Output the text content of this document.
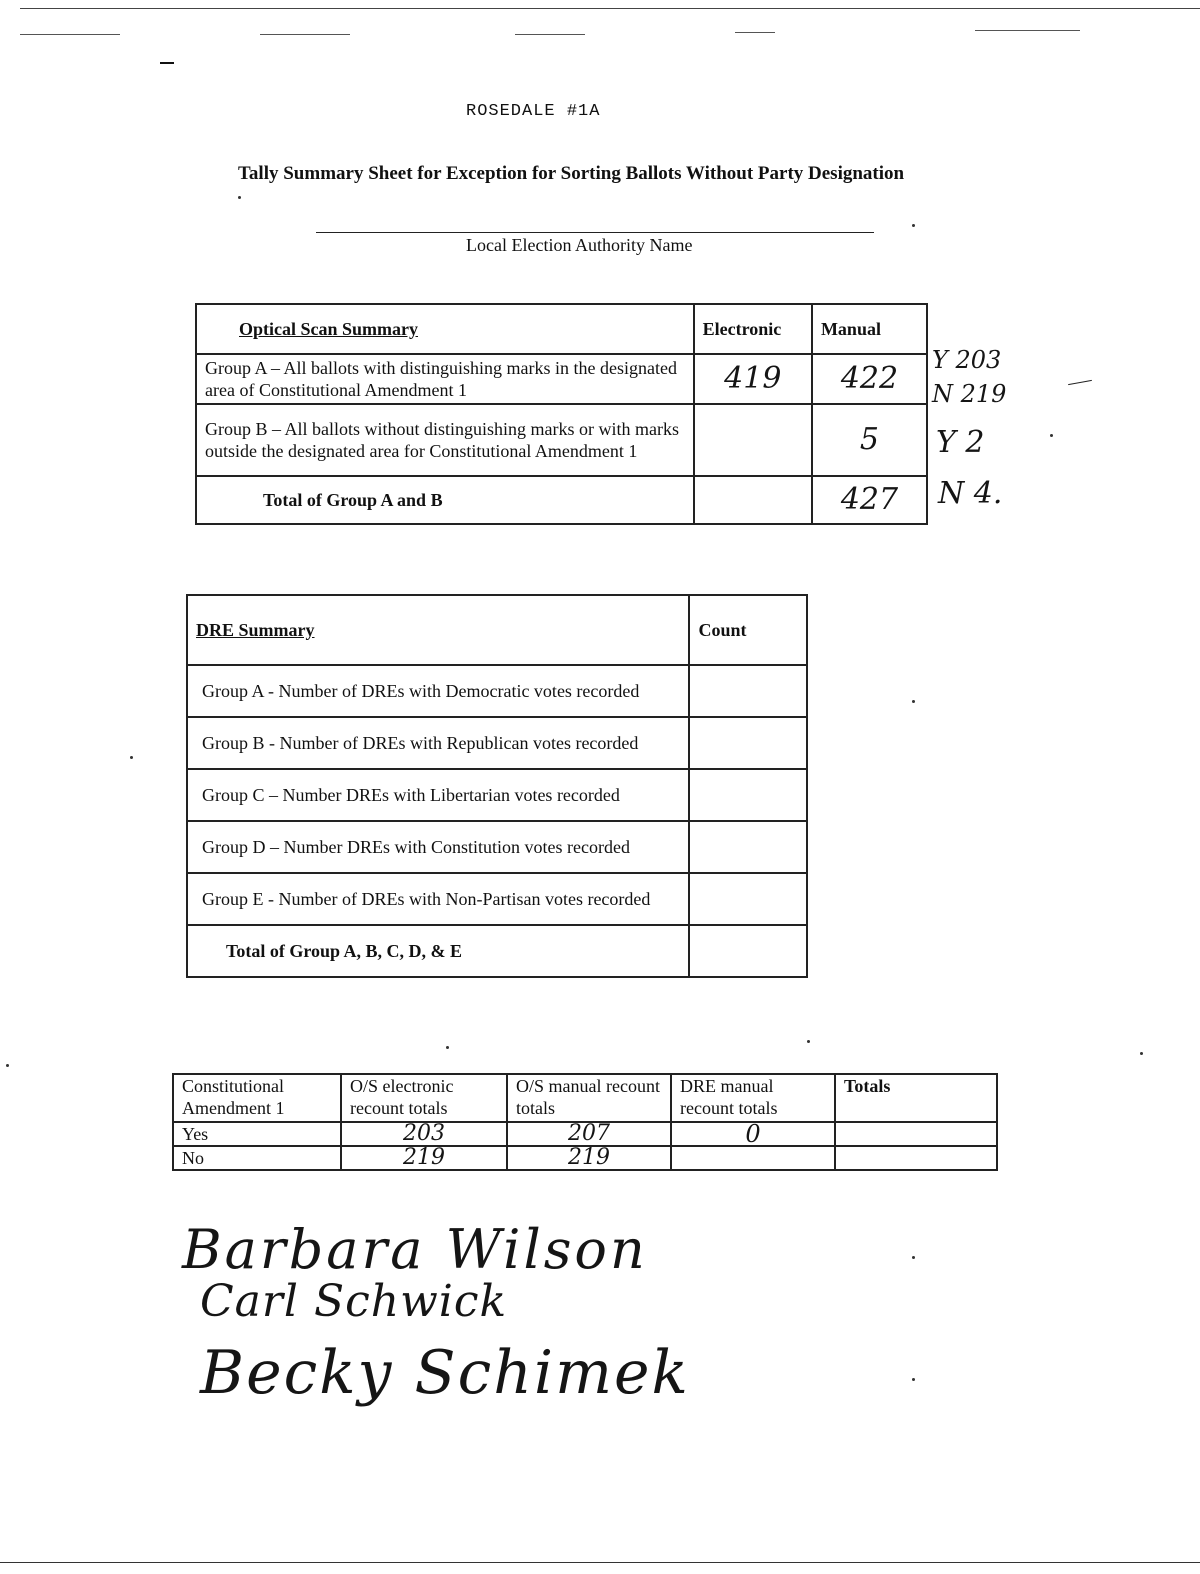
ROSEDALE #1A
Tally Summary Sheet for Exception for Sorting Ballots Without Party Designation
Local Election Authority Name
Optical Scan Summary	Electronic	Manual
Group A – All ballots with distinguishing marks in the designated area of Constitutional Amendment 1	419	422
Group B – All ballots without distinguishing marks or with marks outside the designated area for Constitutional Amendment 1		5
Total of Group A and B		427
Y 203
N 219
Y 2
N 4.
DRE Summary	Count
Group A - Number of DREs with Democratic votes recorded	
Group B - Number of DREs with Republican votes recorded	
Group C – Number DREs with Libertarian votes recorded	
Group D – Number DREs with Constitution votes recorded	
Group E - Number of DREs with Non-Partisan votes recorded	
Total of Group A, B, C, D, & E	
Constitutional Amendment 1	O/S electronic recount totals	O/S manual recount totals	DRE manual recount totals	Totals
Yes	203	207	0	
No	219	219		
Barbara Wilson
Carl Schwick
Becky Schimek
